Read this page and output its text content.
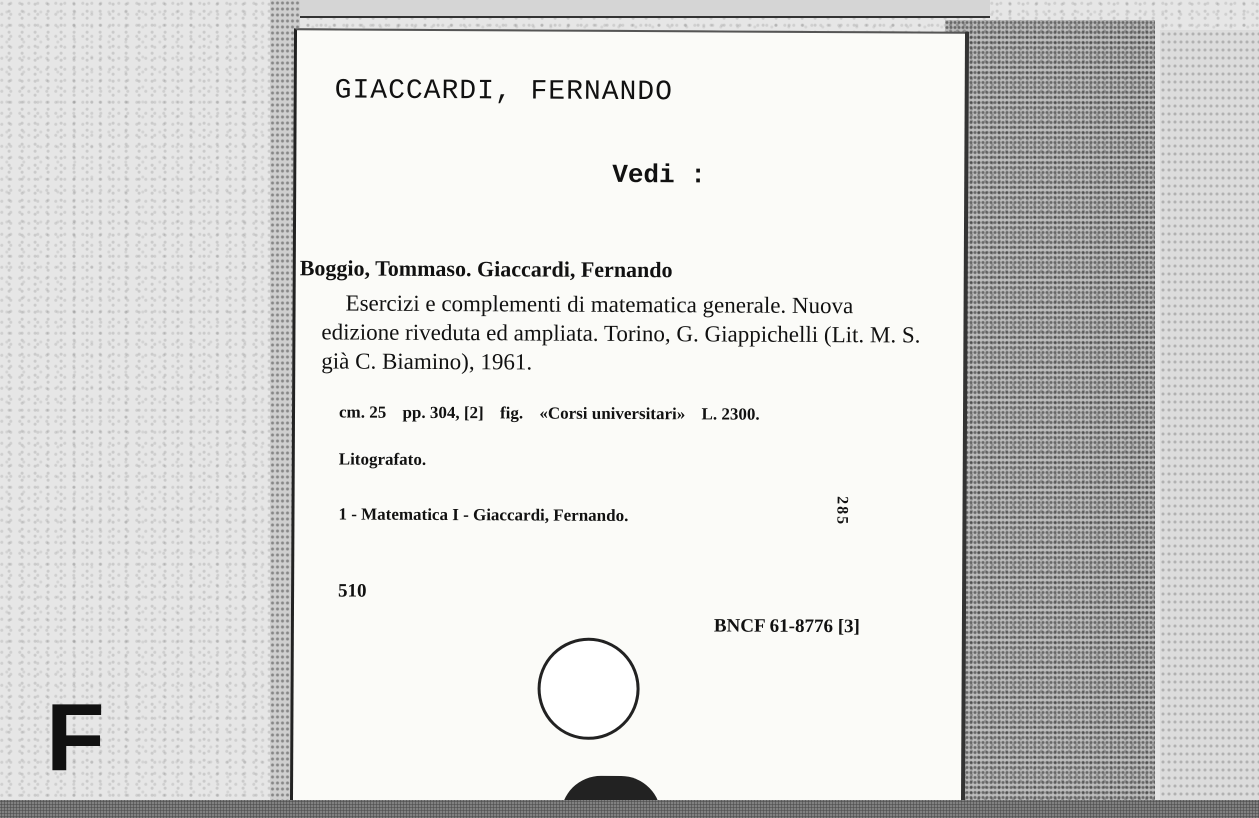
GIACCARDI, FERNANDO
Vedi :
Boggio, Tommaso. Giaccardi, Fernando
Esercizi e complementi di matematica generale. Nuova edizione riveduta ed ampliata. Torino, G. Giappichelli (Lit. M. S. già C. Biamino), 1961.
cm. 25 pp. 304, [2] fig. «Corsi universitari» L. 2300.
Litografato.
1 - Matematica I - Giaccardi, Fernando.	285
510
BNCF 61-8776 [3]
F
